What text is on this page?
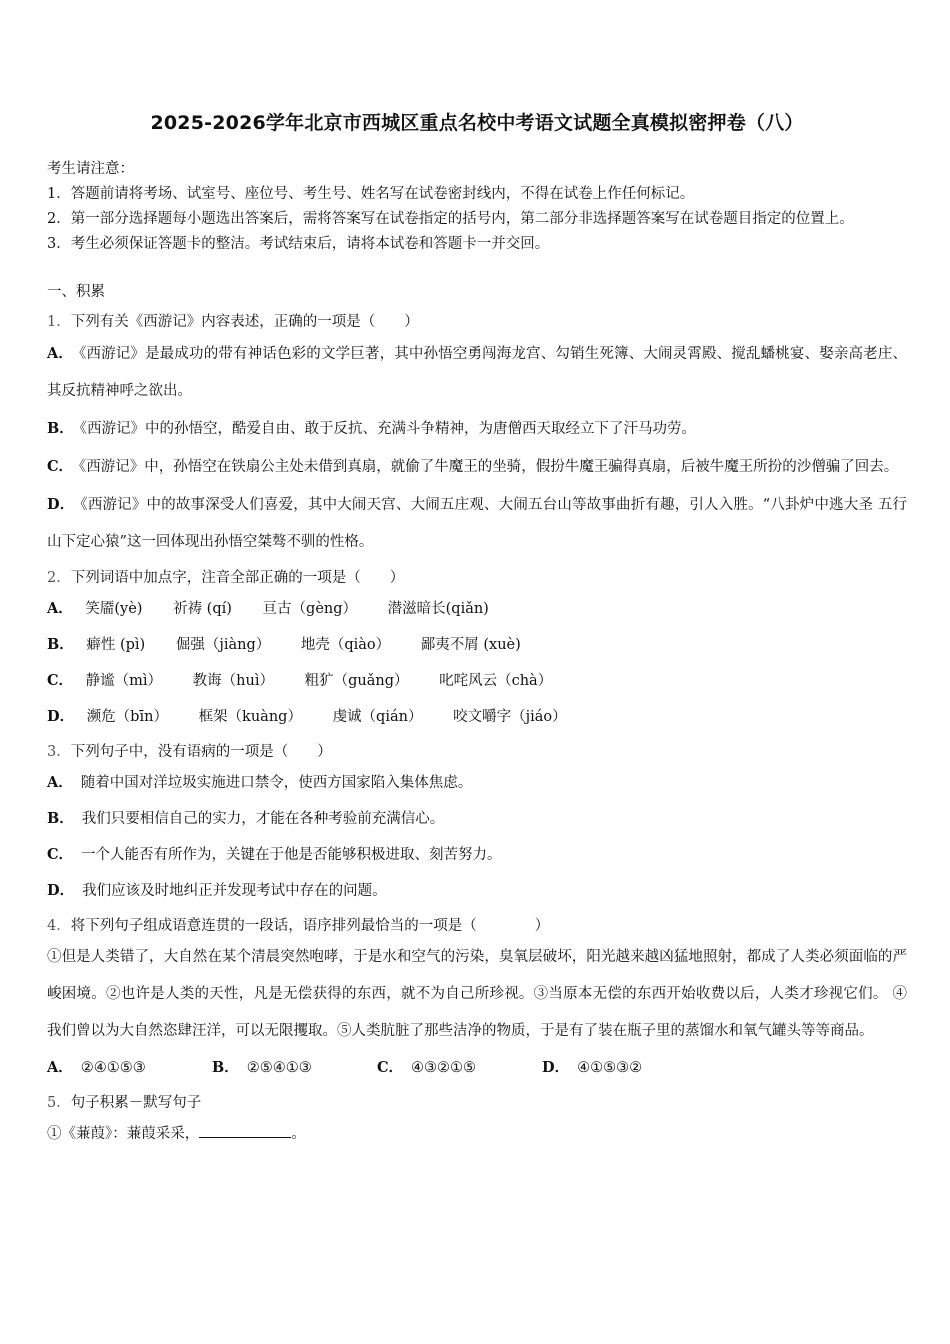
2025-2026学年北京市西城区重点名校中考语文试题全真模拟密押卷（八）
考生请注意：
1．答题前请将考场、试室号、座位号、考生号、姓名写在试卷密封线内，不得在试卷上作任何标记。
2．第一部分选择题每小题选出答案后，需将答案写在试卷指定的括号内，第二部分非选择题答案写在试卷题目指定的位置上。
3．考生必须保证答题卡的整洁。考试结束后，请将本试卷和答题卡一并交回。
一、积累
1．下列有关《西游记》内容表述，正确的一项是（　　）
A． 《西游记》是最成功的带有神话色彩的文学巨著，其中孙悟空勇闯海龙宫、勾销生死簿、大闹灵霄殿、搅乱蟠桃宴、娶亲高老庄、其反抗精神呼之欲出。
B． 《西游记》中的孙悟空，酷爱自由、敢于反抗、充满斗争精神，为唐僧西天取经立下了汗马功劳。
C． 《西游记》中，孙悟空在铁扇公主处未借到真扇，就偷了牛魔王的坐骑，假扮牛魔王骗得真扇，后被牛魔王所扮的沙僧骗了回去。
D． 《西游记》中的故事深受人们喜爱，其中大闹天宫、大闹五庄观、大闹五台山等故事曲折有趣，引人入胜。“八卦炉中逃大圣 五行山下定心猿”这一回体现出孙悟空桀骜不驯的性格。
2．下列词语中加点字，注音全部正确的一项是（　　）
A． 笑靥(yè) 祈祷 (qí) 亘古（gèng） 潜滋暗长(qiǎn)
B． 癖性 (pì) 倔强（jiàng） 地壳（qiào） 鄙夷不屑 (xuè)
C． 静谧（mì） 教诲（huì） 粗犷（guǎng） 叱咤风云（chà）
D． 濒危（bīn） 框架（kuàng） 虔诚（qián） 咬文嚼字（jiáo）
3．下列句子中，没有语病的一项是（　　）
A． 随着中国对洋垃圾实施进口禁令，使西方国家陷入集体焦虑。
B． 我们只要相信自己的实力，才能在各种考验前充满信心。
C． 一个人能否有所作为，关键在于他是否能够积极进取、刻苦努力。
D． 我们应该及时地纠正并发现考试中存在的问题。
4．将下列句子组成语意连贯的一段话，语序排列最恰当的一项是（　　　　）
①但是人类错了，大自然在某个清晨突然咆哮，于是水和空气的污染，臭氧层破坏，阳光越来越凶猛地照射，都成了人类必须面临的严峻困境。②也许是人类的天性，凡是无偿获得的东西，就不为自己所珍视。③当原本无偿的东西开始收费以后，人类才珍视它们。 ④我们曾以为大自然恣肆汪洋，可以无限攫取。⑤人类肮脏了那些洁净的物质，于是有了装在瓶子里的蒸馏水和氧气罐头等等商品。
A． ②④①⑤③	B． ②⑤④①③	C． ④③②①⑤	D． ④①⑤③②
5．句子积累－默写句子
①《蒹葭》：蒹葭采采，	。
